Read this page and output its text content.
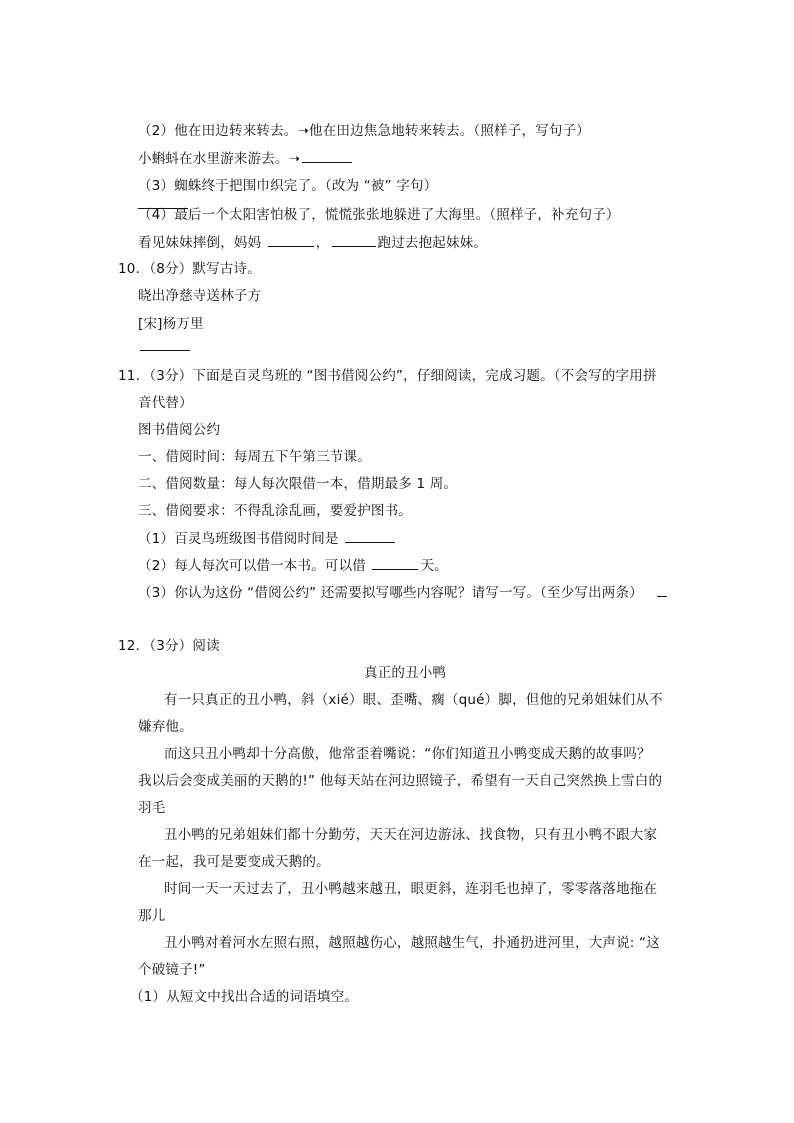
（2）他在田边转来转去。➝他在田边焦急地转来转去。（照样子，写句子）
小蝌蚪在水里游来游去。➝
（3）蜘蛛终于把围巾织完了。（改为 “被” 字句）
（4）最后一个太阳害怕极了，慌慌张张地躲进了大海里。（照样子，补充句子）
看见妹妹摔倒，妈妈	，	跑过去抱起妹妹。
10．（8分）默写古诗。
晓出净慈寺送林子方
[宋]杨万里
11．（3分）下面是百灵鸟班的 “图书借阅公约”，仔细阅读，完成习题。（不会写的字用拼
音代替）
图书借阅公约
一、借阅时间：每周五下午第三节课。
二、借阅数量：每人每次限借一本，借期最多 1 周。
三、借阅要求：不得乱涂乱画，要爱护图书。
（1）百灵鸟班级图书借阅时间是
（2）每人每次可以借一本书。可以借	天。
（3）你认为这份 “借阅公约” 还需要拟写哪些内容呢？请写一写。（至少写出两条）
12．（3分）阅读
真正的丑小鸭
有一只真正的丑小鸭，斜（xié）眼、歪嘴、瘸（qué）脚，但他的兄弟姐妹们从不
嫌弃他。
而这只丑小鸭却十分高傲，他常歪着嘴说：“你们知道丑小鸭变成天鹅的故事吗？
我以后会变成美丽的天鹅的!” 他每天站在河边照镜子，希望有一天自己突然换上雪白的
羽毛
丑小鸭的兄弟姐妹们都十分勤劳，天天在河边游泳、找食物，只有丑小鸭不跟大家
在一起，我可是要变成天鹅的。
时间一天一天过去了，丑小鸭越来越丑，眼更斜，连羽毛也掉了，零零落落地拖在
那儿
丑小鸭对着河水左照右照，越照越伤心，越照越生气，扑通扔进河里，大声说: “这
个破镜子!”
（1）从短文中找出合适的词语填空。
